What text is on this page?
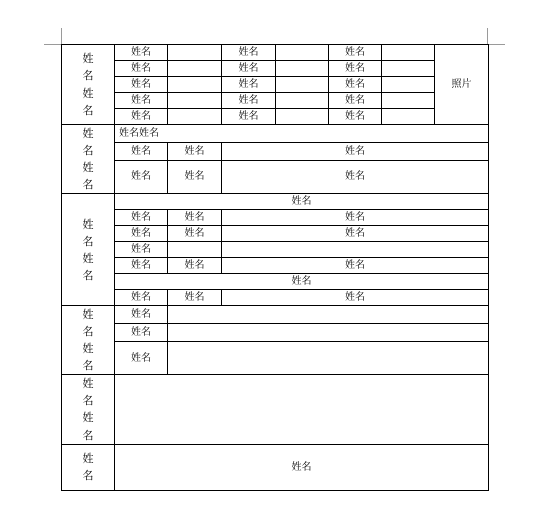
姓
名
姓
名	姓名		姓名		姓名		照片
	姓名		姓名		姓名		
	姓名		姓名		姓名		
	姓名		姓名		姓名		
	姓名		姓名		姓名		

姓
名
姓
名	姓名姓名						
	姓名	姓名	姓名				
	姓名	姓名	姓名				

姓
名
姓
名	姓名						
	姓名	姓名	姓名				
	姓名	姓名	姓名				
	姓名						
	姓名	姓名	姓名				
	姓名						
	姓名	姓名	姓名				

姓
名
姓
名	姓名						
	姓名						
	姓名						

姓
名
姓
名							

姓
名	姓名						
